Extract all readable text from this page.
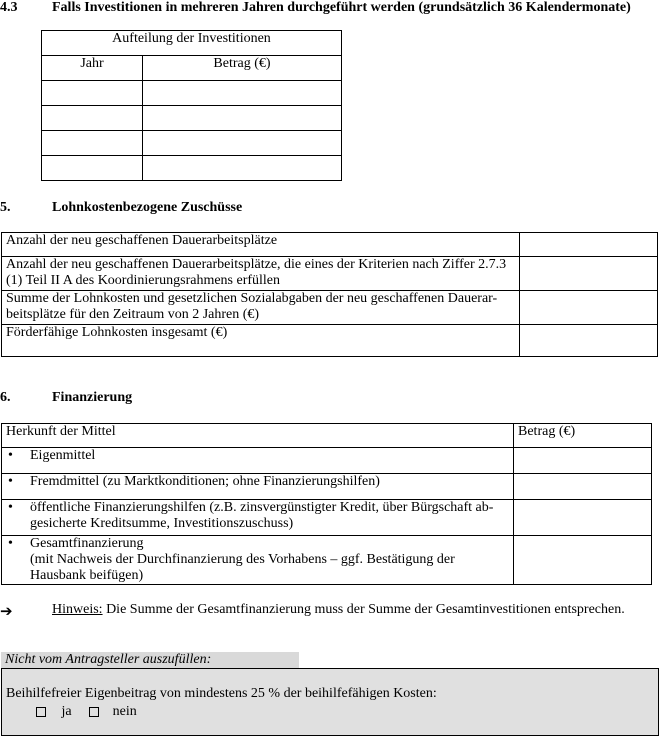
4.3 Falls Investitionen in mehreren Jahren durchgeführt werden (grundsätzlich 36 Kalendermonate)
Aufteilung der Investitionen	
Jahr	Betrag (€)

5.	Lohnkostenbezogene Zuschüsse
Anzahl der neu geschaffenen Dauerarbeitsplätze	
Anzahl der neu geschaffenen Dauerarbeitsplätze, die eines der Kriterien nach Ziffer 2.7.3 (1) Teil II A des Koordinierungsrahmens erfüllen	
Summe der Lohnkosten und gesetzlichen Sozialabgaben der neu geschaffenen Dauerar-beitsplätze für den Zeitraum von 2 Jahren (€)	
Förderfähige Lohnkosten insgesamt (€)	
6.	Finanzierung
Herkunft der Mittel	Betrag (€)

• Eigenmittel	

• Fremdmittel (zu Marktkonditionen; ohne Finanzierungshilfen)	

• öffentliche Finanzierungshilfen (z.B. zinsvergünstigter Kredit, über Bürgschaft ab-gesicherte Kreditsumme, Investitionszuschuss)	

• Gesamtfinanzierung
(mit Nachweis der Durchfinanzierung des Vorhabens – ggf. Bestätigung der Hausbank beifügen)	

➔	Hinweis: Die Summe der Gesamtfinanzierung muss der Summe der Gesamtinvestitionen entsprechen.
Nicht vom Antragsteller auszufüllen:
Beihilfefreier Eigenbeitrag von mindestens 25 % der beihilfefähigen Kosten:
ja	nein
